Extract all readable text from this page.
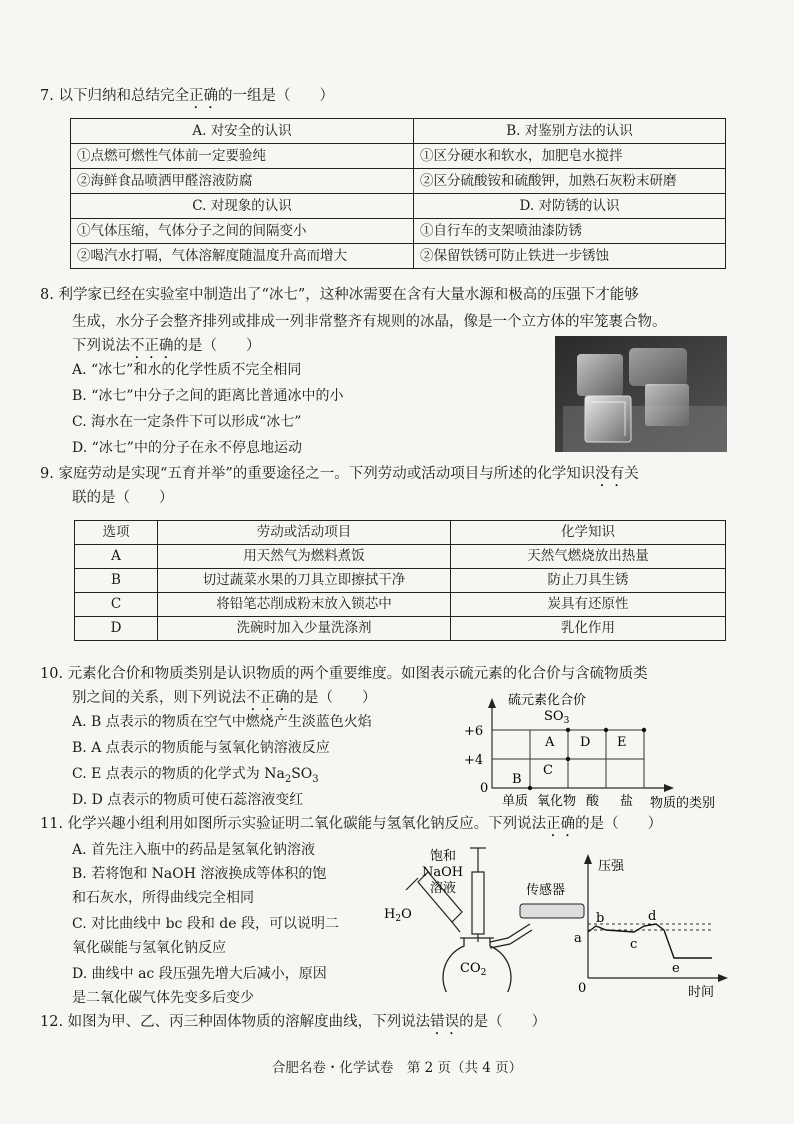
7. 以下归纳和总结完全正确的一组是（　　）
A. 对安全的认识	B. 对鉴别方法的认识
①点燃可燃性气体前一定要验纯	①区分硬水和软水，加肥皂水搅拌
②海鲜食品喷洒甲醛溶液防腐	②区分硫酸铵和硫酸钾，加熟石灰粉末研磨
C. 对现象的认识	D. 对防锈的认识
①气体压缩，气体分子之间的间隔变小	①自行车的支架喷油漆防锈
②喝汽水打嗝，气体溶解度随温度升高而增大	②保留铁锈可防止铁进一步锈蚀
8. 利学家已经在实验室中制造出了“冰七”，这种冰需要在含有大量水源和极高的压强下才能够
生成，水分子会整齐排列或排成一列非常整齐有规则的冰晶，像是一个立方体的牢笼裹合物。
下列说法不正确的是（　　）
A. “冰七”和水的化学性质不完全相同
B. “冰七”中分子之间的距离比普通冰中的小
C. 海水在一定条件下可以形成“冰七”
D. “冰七”中的分子在永不停息地运动
9. 家庭劳动是实现“五育并举”的重要途径之一。下列劳动或活动项目与所述的化学知识没有关
联的是（　　）
选项	劳动或活动项目	化学知识
A	用天然气为燃料煮饭	天然气燃烧放出热量
B	切过蔬菜水果的刀具立即擦拭干净	防止刀具生锈
C	将铅笔芯削成粉末放入锁芯中	炭具有还原性
D	洗碗时加入少量洗涤剂	乳化作用
10. 元素化合价和物质类别是认识物质的两个重要维度。如图表示硫元素的化合价与含硫物质类
别之间的关系，则下列说法不正确的是（　　）
A. B 点表示的物质在空气中燃烧产生淡蓝色火焰
B. A 点表示的物质能与氢氧化钠溶液反应
C. E 点表示的物质的化学式为 $Na_2SO_3$
D. D 点表示的物质可使石蕊溶液变红
硫元素化合价
+6
+4
0
$SO_3$
A
B
C
D E
单质 氧化物 酸 盐 物质的类别
11. 化学兴趣小组利用如图所示实验证明二氧化碳能与氢氧化钠反应。下列说法正确的是（　　）
A. 首先注入瓶中的药品是氢氧化钠溶液
B. 若将饱和 NaOH 溶液换成等体积的饱
和石灰水，所得曲线完全相同
C. 对比曲线中 bc 段和 de 段，可以说明二
氧化碳能与氢氧化钠反应
D. 曲线中 ac 段压强先增大后减小，原因
是二氧化碳气体先变多后变少
饱和
NaOH
溶液
$H_2O$
$CO_2$
传感器
压强
a
b
c
d
e
0	时间
12. 如图为甲、乙、丙三种固体物质的溶解度曲线，下列说法错误的是（　　）
合肥名卷・化学试卷　第 2 页（共 4 页）
